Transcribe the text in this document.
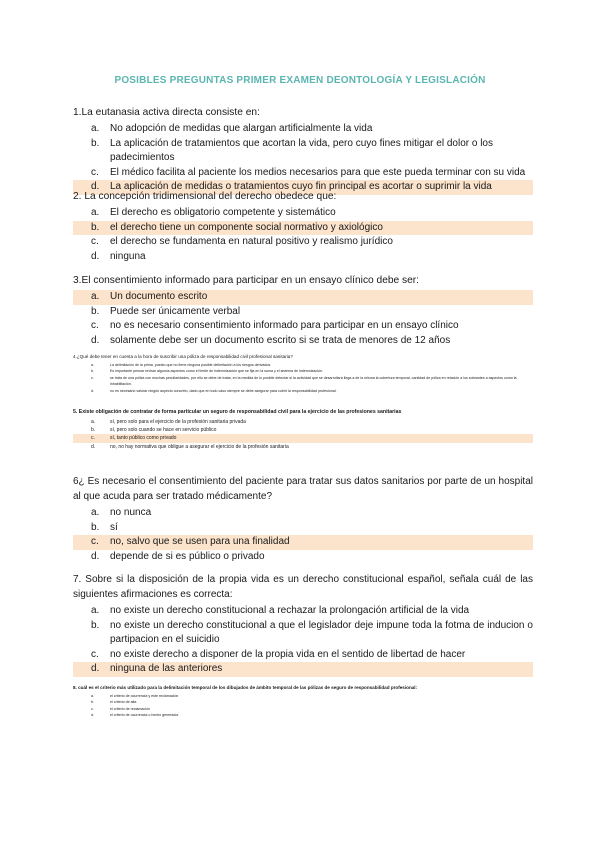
POSIBLES PREGUNTAS PRIMER EXAMEN DEONTOLOGÍA Y LEGISLACIÓN

1.La eutanasia activa directa consiste en:

a.	No adopción de medidas que alargan artificialmente la vida
b.	La aplicación de tratamientos que acortan la vida, pero cuyo fines mitigar el dolor o los padecimientos
c.	El médico facilita al paciente los medios necesarios para que este pueda terminar con su vida
d.	La aplicación de medidas o tratamientos cuyo fin principal es acortar o suprimir la vida

2. La concepción tridimensional del derecho obedece que:

a.	El derecho es obligatorio competente y sistemático
b.	el derecho tiene un componente social normativo y axiológico
c.	el derecho se fundamenta en natural positivo y realismo jurídico
d.	ninguna

3.El consentimiento informado para participar en un ensayo clínico debe ser:

a.	Un documento escrito
b.	Puede ser únicamente verbal
c.	no es necesario consentimiento informado para participar en un ensayo clínico
d.	solamente debe ser un documento escrito si se trata de menores de 12 años

4.¿Qué debe tener en cuenta a la hora de suscribir una póliza de responsabilidad civil profesional sanitaria?

a.	La delimitación de la prima, puesto que no tiene ninguna posible delimitación a los riesgos derivados.
b.	Es importante pensar revisar algunos aspectos como el límite de indemnización que se fija en la suma y el sistema de indemnización.
c.	se trata de una póliza con muchas peculiaridades, por ello se debe de tratar, en la medida de lo posible detectar si la actividad que se desarrollará llega a de la misma la cobertura temporal, cantidad de póliza en relación a los sobrantes a aspectos como la inhabilitación.
d.	no es necesario valorar ningún aspecto concreto, dado que en todo caso siempre se debe asegurar para cubrir la responsabilidad profesional.

5. Existe obligación de contratar de forma particular un seguro de responsabilidad civil para la ejercicio de las profesiones sanitarias

a.	sí, pero solo para el ejercicio de la profesión sanitaria privada
b.	sí, pero solo cuando se hace en servicio público
c.	sí, tanto público como privado
d.	no, no hay normativa que obligue a asegurar el ejercicio de la profesión sanitaria

6¿ Es necesario el consentimiento del paciente para tratar sus datos sanitarios por parte de un hospital al que acuda para ser tratado médicamente?

a.	no nunca
b.	sí
c.	no, salvo que se usen para una finalidad
d.	depende de si es público o privado

7. Sobre si la disposición de la propia vida es un derecho constitucional español, señala cuál de las siguientes afirmaciones es correcta:

a.	no existe un derecho constitucional a rechazar la prolongación artificial de la vida
b.	no existe un derecho constitucional a que el legislador deje impune toda la fotma de inducion o partipacion en el suicidio
c.	no existe derecho a disponer de la propia vida en el sentido de libertad de hacer
d.	ninguna de las anteriores

8. cuál es el criterio más utilizado para la delimitación temporal de los dibujados de ámbito temporal de las pólizas de seguro de responsabilidad profesional:

a.	el criterio de ocurrencia y este reclamación
b.	el criterio de alta
c.	el criterio de reclamación
d.	el criterio de ocurrencia o hecho generador
